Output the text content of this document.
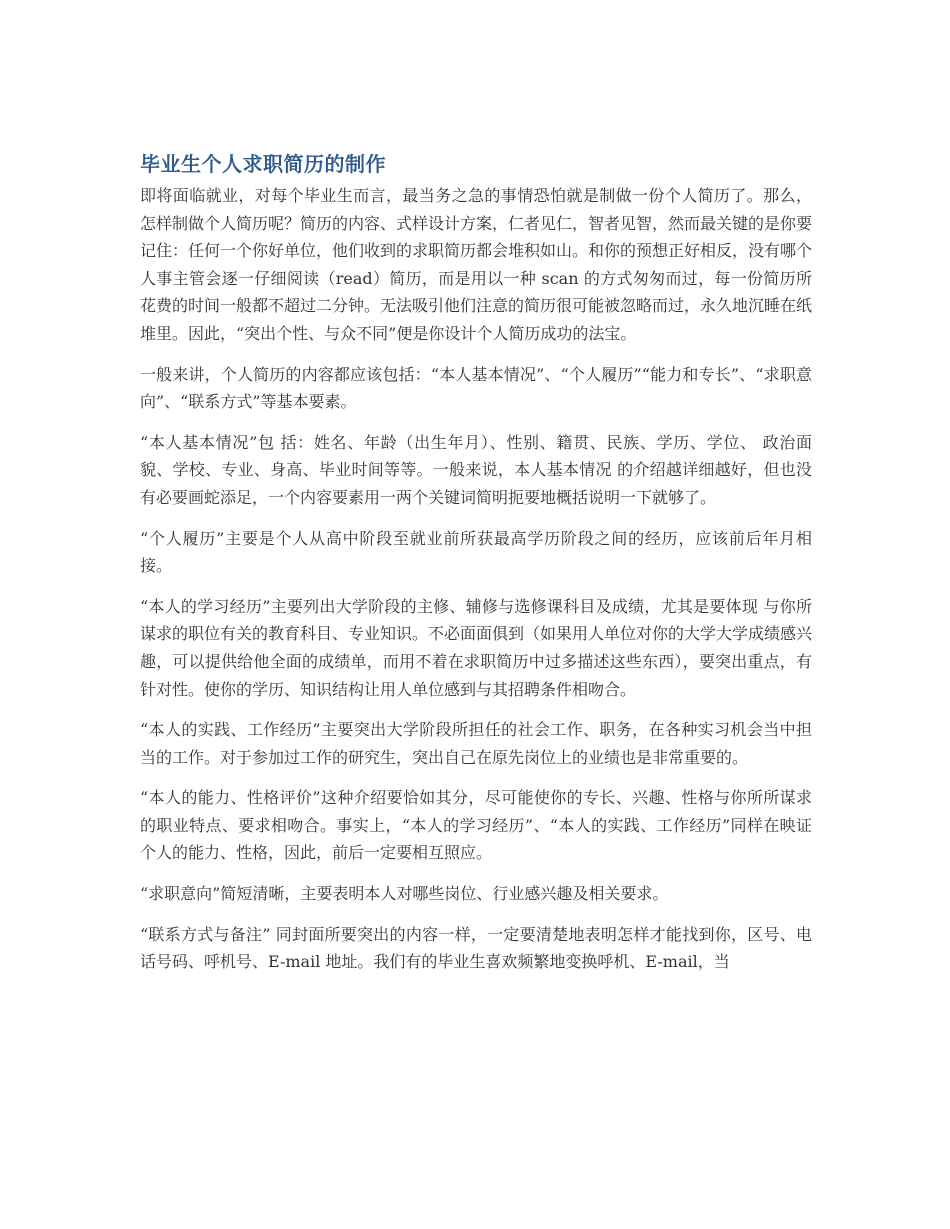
毕业生个人求职简历的制作

即将面临就业，对每个毕业生而言，最当务之急的事情恐怕就是制做一份个人简历了。那么， 怎样制做个人简历呢？简历的内容、式样设计方案，仁者见仁，智者见智，然而最关键的是你要记住：任何一个你好单位，他们收到的求职简历都会堆积如山。和你的预想正好相反，没有哪个人事主管会逐一仔细阅读（read）简历，而是用以一种 scan 的方式匆匆而过，每一份简历所花费的时间一般都不超过二分钟。无法吸引他们注意的简历很可能被忽略而过，永久地沉睡在纸堆里。因此，“突出个性、与众不同”便是你设计个人简历成功的法宝。

一般来讲，个人简历的内容都应该包括：“本人基本情况”、“个人履历”“能力和专长”、“求职意向”、“联系方式”等基本要素。

“本人基本情况”包 括：姓名、年龄（出生年月）、性别、籍贯、民族、学历、学位、 政治面貌、学校、专业、身高、毕业时间等等。一般来说，本人基本情况 的介绍越详细越好，但也没有必要画蛇添足，一个内容要素用一两个关键词简明扼要地概括说明一下就够了。

“个人履历”主要是个人从高中阶段至就业前所获最高学历阶段之间的经历，应该前后年月相接。

“本人的学习经历”主要列出大学阶段的主修、辅修与选修课科目及成绩，尤其是要体现 与你所谋求的职位有关的教育科目、专业知识。不必面面俱到（如果用人单位对你的大学大学成绩感兴趣，可以提供给他全面的成绩单，而用不着在求职简历中过多描述这些东西），要突出重点，有针对性。使你的学历、知识结构让用人单位感到与其招聘条件相吻合。

“本人的实践、工作经历”主要突出大学阶段所担任的社会工作、职务，在各种实习机会当中担当的工作。对于参加过工作的研究生，突出自己在原先岗位上的业绩也是非常重要的。

“本人的能力、性格评价”这种介绍要恰如其分，尽可能使你的专长、兴趣、性格与你所所谋求的职业特点、要求相吻合。事实上，“本人的学习经历”、“本人的实践、工作经历”同样在映证个人的能力、性格，因此，前后一定要相互照应。

“求职意向”简短清晰，主要表明本人对哪些岗位、行业感兴趣及相关要求。

“联系方式与备注” 同封面所要突出的内容一样，一定要清楚地表明怎样才能找到你，区号、电话号码、呼机号、E-mail 地址。我们有的毕业生喜欢频繁地变换呼机、E-mail，当
